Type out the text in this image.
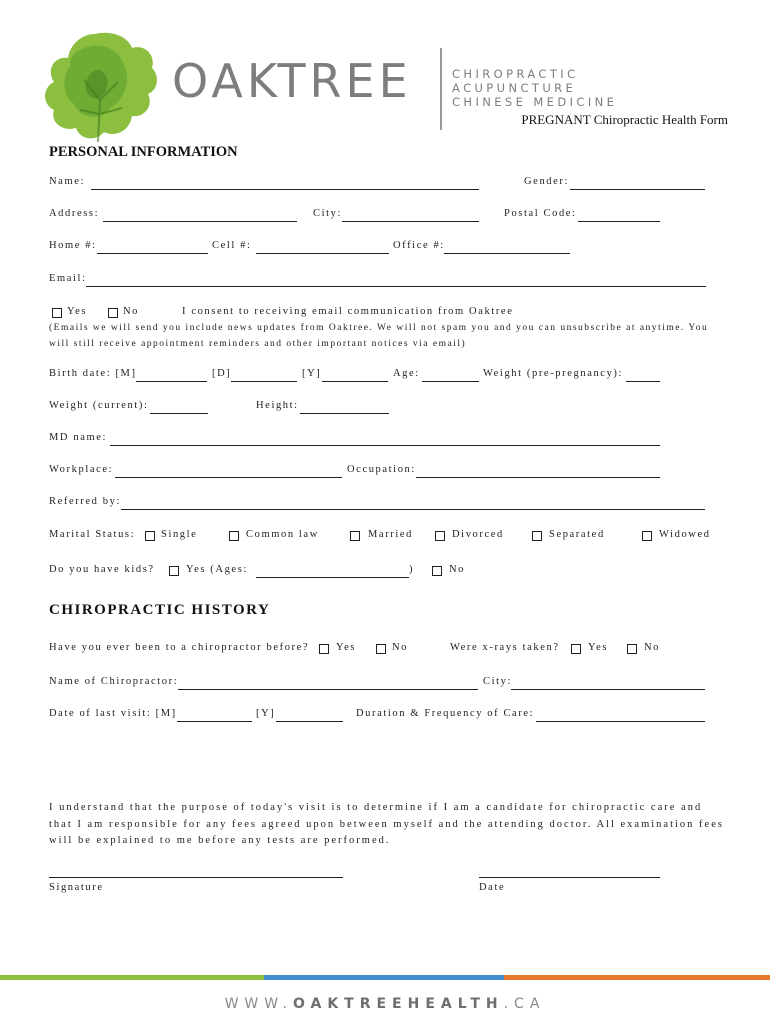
OAKTREE	CHIROPRACTIC
ACUPUNCTURE
CHINESE MEDICINE
PREGNANT Chiropractic Health Form
PERSONAL INFORMATION
Name:	Gender:
Address:	City:	Postal Code:
Home #:	Cell #:	Office #:
Email:
Yes	No	I consent to receiving email communication from Oaktree
(Emails we will send you include news updates from Oaktree. We will not spam you and you can unsubscribe at anytime. You will still receive appointment reminders and other important notices via email)
Birth date: [M]	[D]	[Y]	Age:	Weight (pre-pregnancy):
Weight (current):	Height:
MD name:
Workplace:	Occupation:
Referred by:
Marital Status: Single	Common law	Married	Divorced	Separated	Widowed
Do you have kids?	Yes (Ages:	)	No
CHIROPRACTIC HISTORY
Have you ever been to a chiropractor before?	Yes	No	Were x-rays taken?	Yes	No
Name of Chiropractor:	City:
Date of last visit: [M]	[Y]	Duration & Frequency of Care:
I understand that the purpose of today's visit is to determine if I am a candidate for chiropractic care and that I am responsible for any fees agreed upon between myself and the attending doctor. All examination fees will be explained to me before any tests are performed.
Signature	Date
WWW.OAKTREEHEALTH.CA
